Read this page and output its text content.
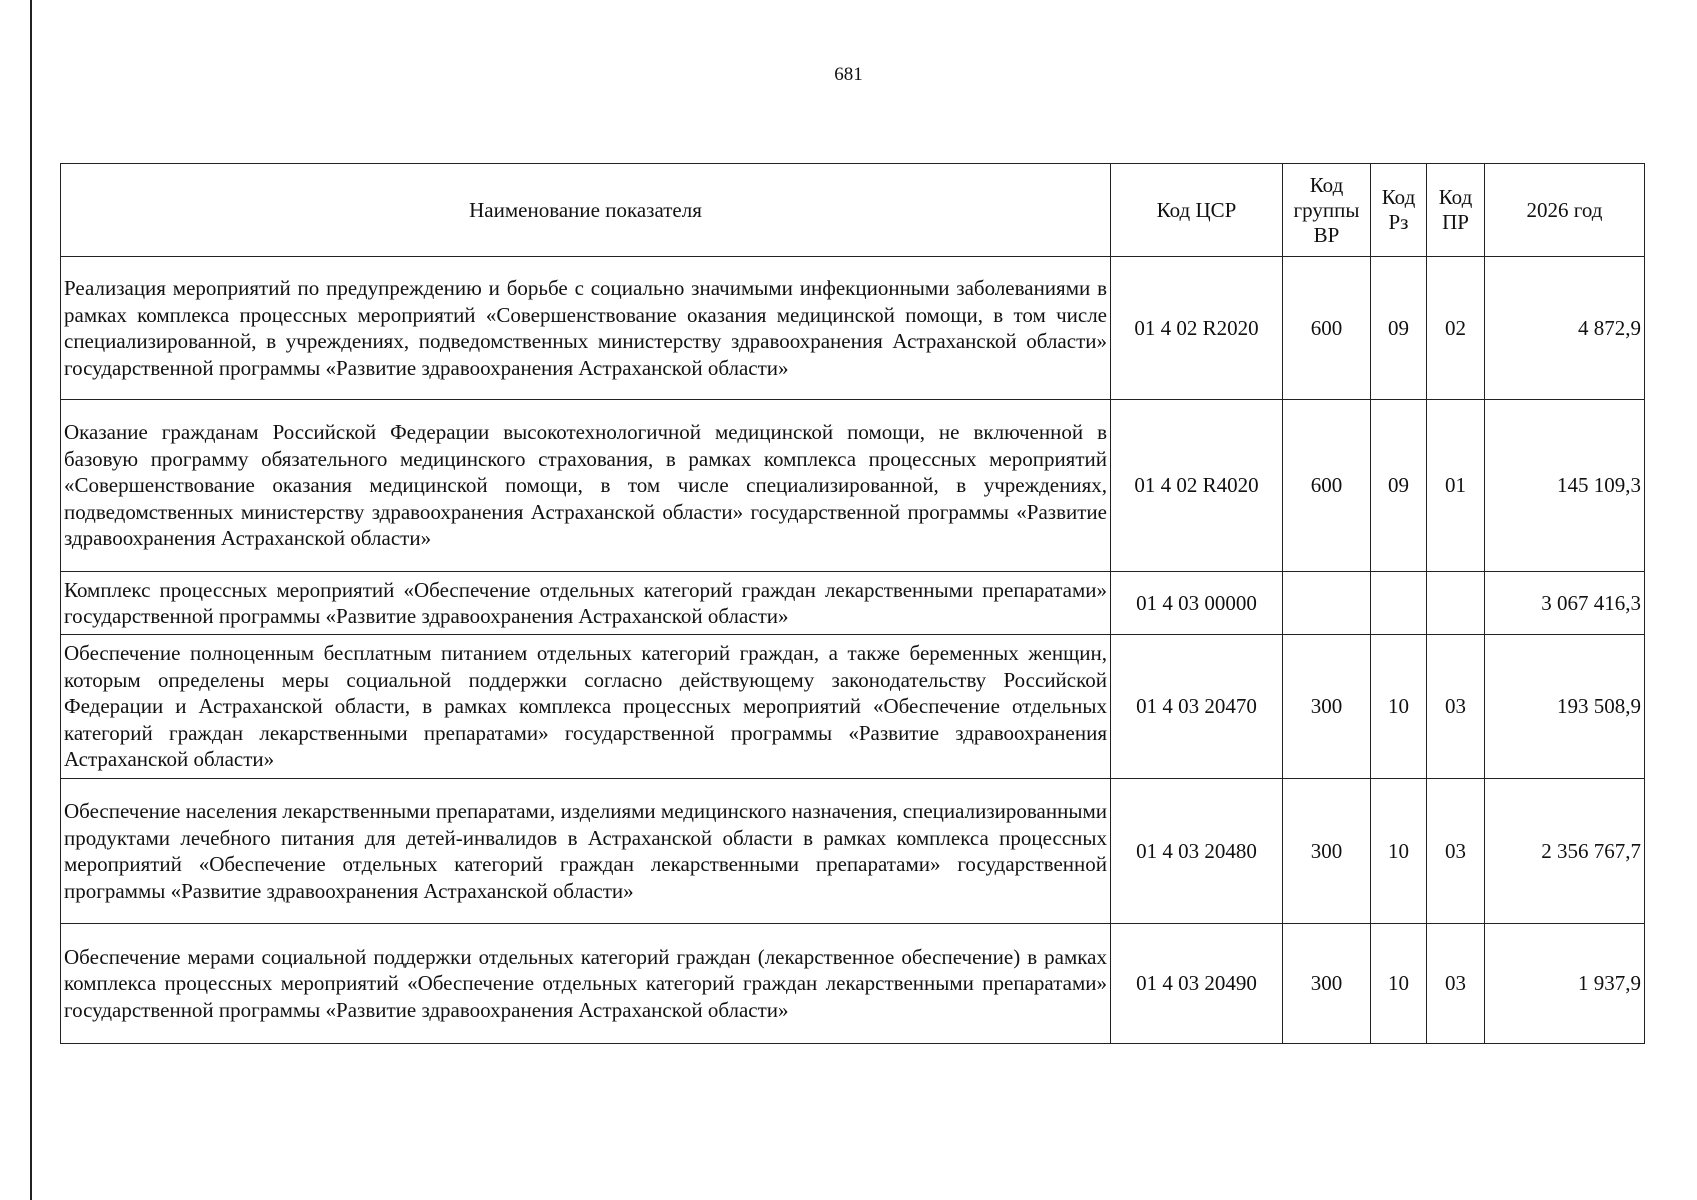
681
Наименование показателя	Код ЦСР	Код группы ВР	Код Рз	Код ПР	2026 год
Реализация мероприятий по предупреждению и борьбе с социально значимыми инфекционными заболеваниями в рамках комплекса процессных мероприятий «Совершенствование оказания медицинской помощи, в том числе специализированной, в учреждениях, подведомственных министерству здравоохранения Астраханской области» государственной программы «Развитие здравоохранения Астраханской области»	01 4 02 R2020	600	09	02	4 872,9
Оказание гражданам Российской Федерации высокотехнологичной медицинской помощи, не включенной в базовую программу обязательного медицинского страхования, в рамках комплекса процессных мероприятий «Совершенствование оказания медицинской помощи, в том числе специализированной, в учреждениях, подведомственных министерству здравоохранения Астраханской области» государственной программы «Развитие здравоохранения Астраханской области»	01 4 02 R4020	600	09	01	145 109,3
Комплекс процессных мероприятий «Обеспечение отдельных категорий граждан лекарственными препаратами» государственной программы «Развитие здравоохранения Астраханской области»	01 4 03 00000				3 067 416,3
Обеспечение полноценным бесплатным питанием отдельных категорий граждан, а также беременных женщин, которым определены меры социальной поддержки согласно действующему законодательству Российской Федерации и Астраханской области, в рамках комплекса процессных мероприятий «Обеспечение отдельных категорий граждан лекарственными препаратами» государственной программы «Развитие здравоохранения Астраханской области»	01 4 03 20470	300	10	03	193 508,9
Обеспечение населения лекарственными препаратами, изделиями медицинского назначения, специализированными продуктами лечебного питания для детей-инвалидов в Астраханской области в рамках комплекса процессных мероприятий «Обеспечение отдельных категорий граждан лекарственными препаратами» государственной программы «Развитие здравоохранения Астраханской области»	01 4 03 20480	300	10	03	2 356 767,7
Обеспечение мерами социальной поддержки отдельных категорий граждан (лекарственное обеспечение) в рамках комплекса процессных мероприятий «Обеспечение отдельных категорий граждан лекарственными препаратами» государственной программы «Развитие здравоохранения Астраханской области»	01 4 03 20490	300	10	03	1 937,9
